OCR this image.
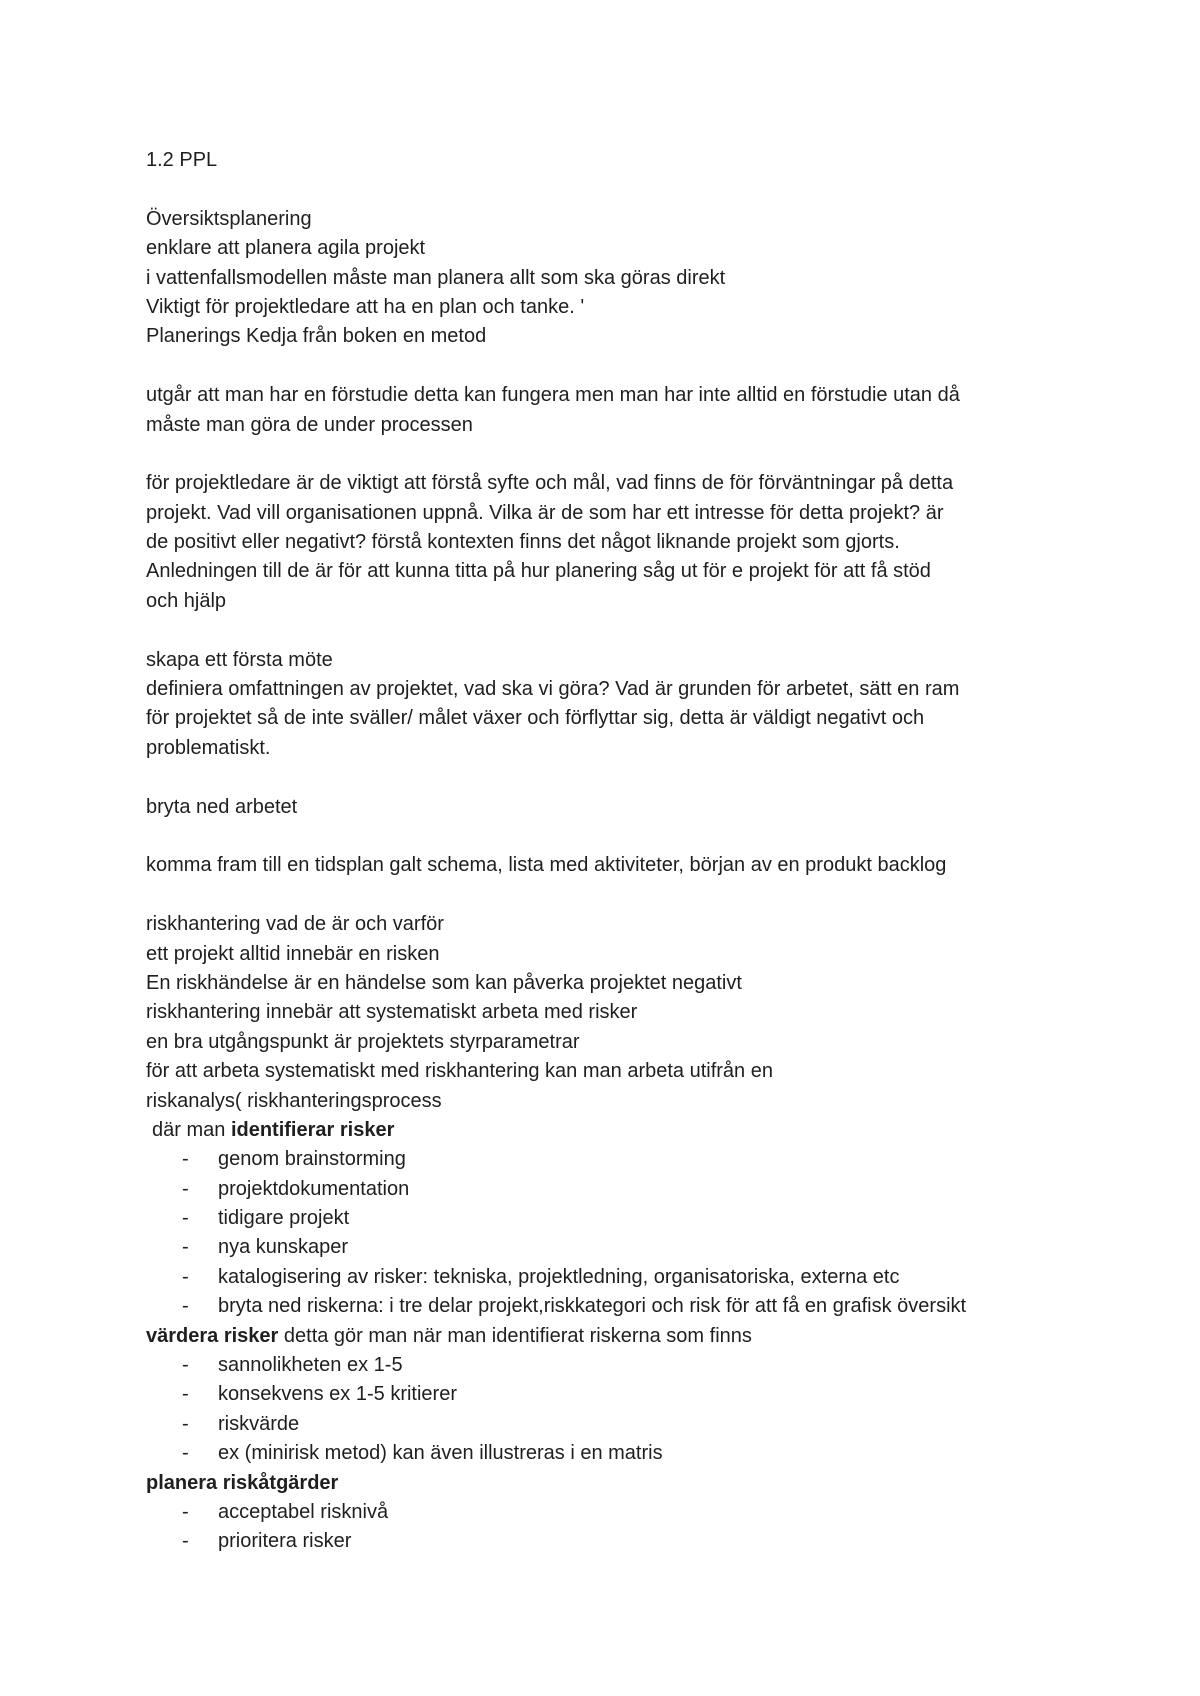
1.2 PPL
Översiktsplanering
enklare att planera agila projekt
i vattenfallsmodellen måste man planera allt som ska göras direkt
Viktigt för projektledare att ha en plan och tanke. '
Planerings Kedja från boken en metod
utgår att man har en förstudie detta kan fungera men man har inte alltid en förstudie utan då
måste man göra de under processen
för projektledare är de viktigt att förstå syfte och mål, vad finns de för förväntningar på detta
projekt. Vad vill organisationen uppnå. Vilka är de som har ett intresse för detta projekt? är
de positivt eller negativt? förstå kontexten finns det något liknande projekt som gjorts.
Anledningen till de är för att kunna titta på hur planering såg ut för e projekt för att få stöd
och hjälp
skapa ett första möte
definiera omfattningen av projektet, vad ska vi göra? Vad är grunden för arbetet, sätt en ram
för projektet så de inte sväller/ målet växer och förflyttar sig, detta är väldigt negativt och
problematiskt.
bryta ned arbetet
komma fram till en tidsplan galt schema, lista med aktiviteter, början av en produkt backlog
riskhantering vad de är och varför
ett projekt alltid innebär en risken
En riskhändelse är en händelse som kan påverka projektet negativt
riskhantering innebär att systematiskt arbeta med risker
en bra utgångspunkt är projektets styrparametrar
för att arbeta systematiskt med riskhantering kan man arbeta utifrån en
riskanalys( riskhanteringsprocess
där man identifierar risker
- genom brainstorming
- projektdokumentation
- tidigare projekt
- nya kunskaper
- katalogisering av risker: tekniska, projektledning, organisatoriska, externa etc
- bryta ned riskerna: i tre delar projekt,riskkategori och risk för att få en grafisk översikt
värdera risker detta gör man när man identifierat riskerna som finns
- sannolikheten ex 1-5
- konsekvens ex 1-5 kritierer
- riskvärde
- ex (minirisk metod) kan även illustreras i en matris
planera riskåtgärder
- acceptabel risknivå
- prioritera risker
